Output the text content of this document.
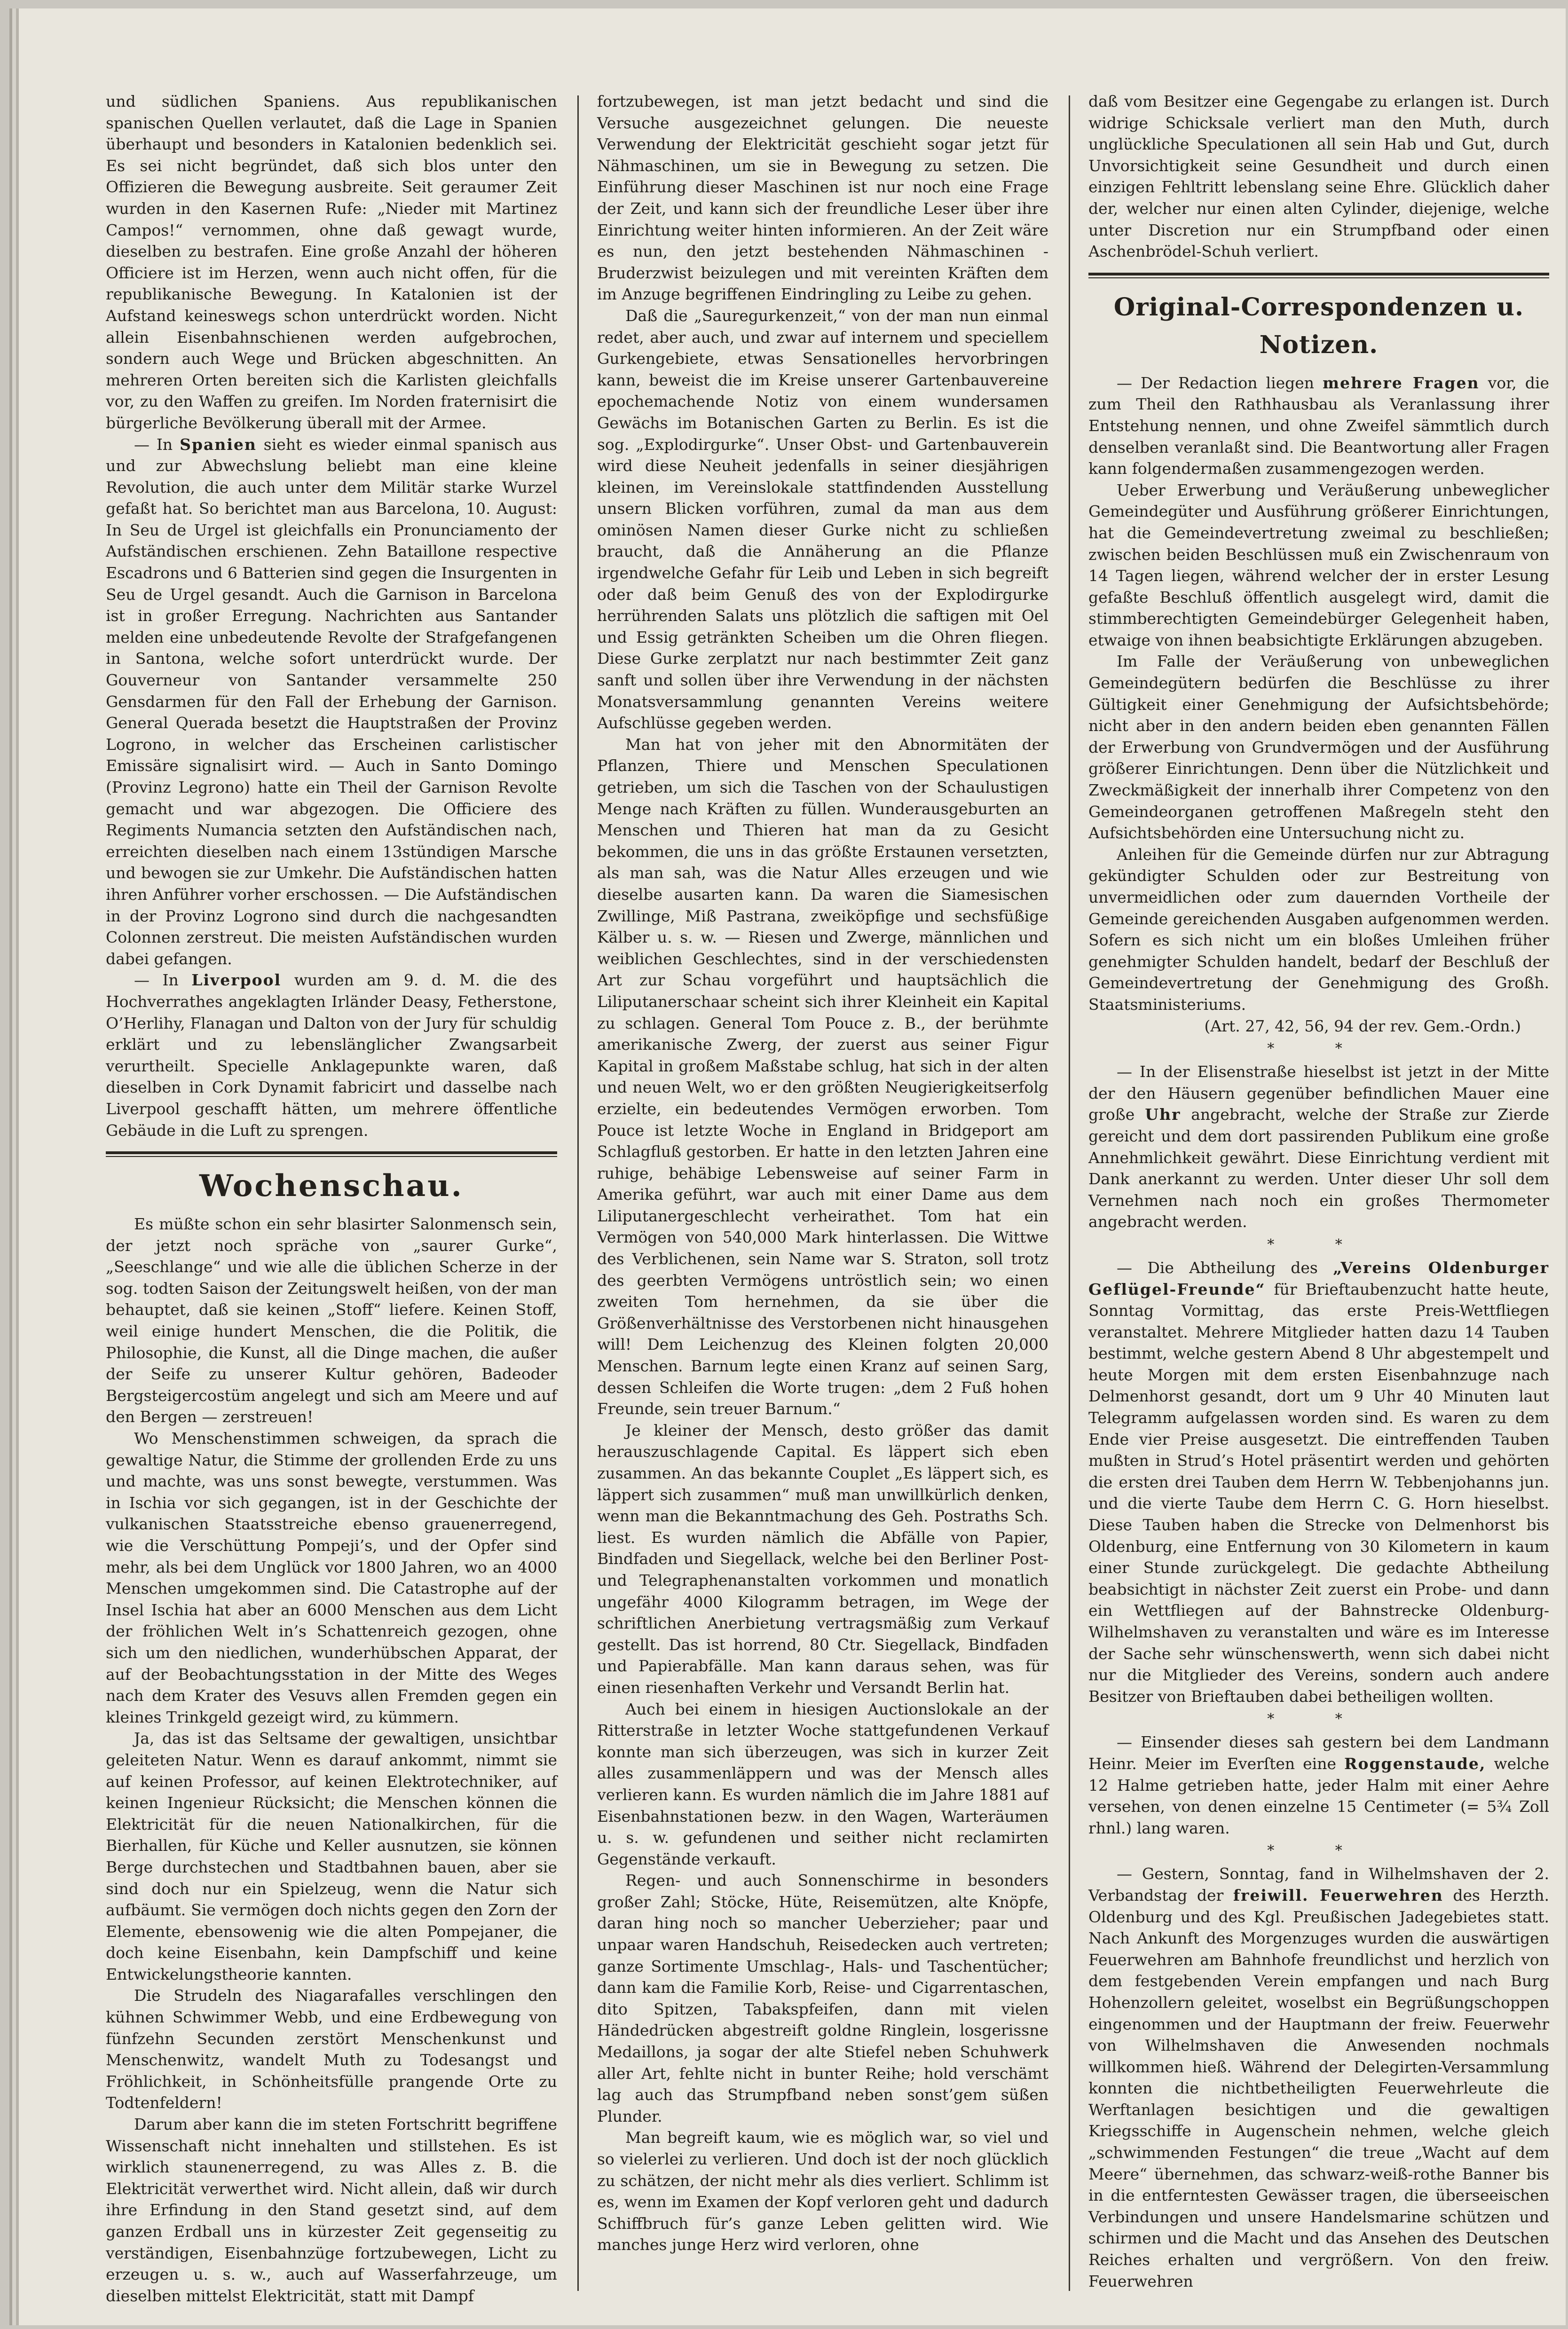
und südlichen Spaniens. Aus republikanischen spanischen Quellen verlautet, daß die Lage in Spanien überhaupt und besonders in Katalonien bedenklich sei. Es sei nicht begründet, daß sich blos unter den Offizieren die Bewegung ausbreite. Seit geraumer Zeit wurden in den Kasernen Rufe: „Nieder mit Martinez Campos!“ vernommen, ohne daß gewagt wurde, dieselben zu bestrafen. Eine große Anzahl der höheren Officiere ist im Herzen, wenn auch nicht offen, für die republikanische Bewegung. In Katalonien ist der Aufstand keineswegs schon unterdrückt worden. Nicht allein Eisenbahnschienen werden aufgebrochen, sondern auch Wege und Brücken abgeschnitten. An mehreren Orten bereiten sich die Karlisten gleichfalls vor, zu den Waffen zu greifen. Im Norden fraternisirt die bürgerliche Bevölkerung überall mit der Armee.

— In Spanien sieht es wieder einmal spanisch aus und zur Abwechslung beliebt man eine kleine Revolution, die auch unter dem Militär starke Wurzel gefaßt hat. So berichtet man aus Barcelona, 10. August: In Seu de Urgel ist gleichfalls ein Pronunciamento der Aufständischen erschienen. Zehn Bataillone respective Escadrons und 6 Batterien sind gegen die Insurgenten in Seu de Urgel gesandt. Auch die Garnison in Barcelona ist in großer Erregung. Nachrichten aus Santander melden eine unbedeutende Revolte der Strafgefangenen in Santona, welche sofort unterdrückt wurde. Der Gouverneur von Santander versammelte 250 Gensdarmen für den Fall der Erhebung der Garnison. General Querada besetzt die Hauptstraßen der Provinz Logrono, in welcher das Erscheinen carlistischer Emissäre signalisirt wird. — Auch in Santo Domingo (Provinz Legrono) hatte ein Theil der Garnison Revolte gemacht und war abgezogen. Die Officiere des Regiments Numancia setzten den Aufständischen nach, erreichten dieselben nach einem 13stündigen Marsche und bewogen sie zur Umkehr. Die Aufständischen hatten ihren Anführer vorher erschossen. — Die Aufständischen in der Provinz Logrono sind durch die nachgesandten Colonnen zerstreut. Die meisten Aufständischen wurden dabei gefangen.

— In Liverpool wurden am 9. d. M. die des Hochverrathes angeklagten Irländer Deasy, Fetherstone, O’Herlihy, Flanagan und Dalton von der Jury für schuldig erklärt und zu lebenslänglicher Zwangsarbeit verurtheilt. Specielle Anklagepunkte waren, daß dieselben in Cork Dynamit fabricirt und dasselbe nach Liverpool geschafft hätten, um mehrere öffentliche Gebäude in die Luft zu sprengen.

Wochenschau.

Es müßte schon ein sehr blasirter Salonmensch sein, der jetzt noch spräche von „saurer Gurke“, „Seeschlange“ und wie alle die üblichen Scherze in der sog. todten Saison der Zeitungswelt heißen, von der man behauptet, daß sie keinen „Stoff“ liefere. Keinen Stoff, weil einige hundert Menschen, die die Politik, die Philosophie, die Kunst, all die Dinge machen, die außer der Seife zu unserer Kultur gehören, Badeoder Bergsteigercostüm angelegt und sich am Meere und auf den Bergen — zerstreuen!

Wo Menschenstimmen schweigen, da sprach die gewaltige Natur, die Stimme der grollenden Erde zu uns und machte, was uns sonst bewegte, verstummen. Was in Ischia vor sich gegangen, ist in der Geschichte der vulkanischen Staatsstreiche ebenso grauenerregend, wie die Verschüttung Pompeji’s, und der Opfer sind mehr, als bei dem Unglück vor 1800 Jahren, wo an 4000 Menschen umgekommen sind. Die Catastrophe auf der Insel Ischia hat aber an 6000 Menschen aus dem Licht der fröhlichen Welt in’s Schattenreich gezogen, ohne sich um den niedlichen, wunderhübschen Apparat, der auf der Beobachtungsstation in der Mitte des Weges nach dem Krater des Vesuvs allen Fremden gegen ein kleines Trinkgeld gezeigt wird, zu kümmern.

Ja, das ist das Seltsame der gewaltigen, unsichtbar geleiteten Natur. Wenn es darauf ankommt, nimmt sie auf keinen Professor, auf keinen Elektrotechniker, auf keinen Ingenieur Rücksicht; die Menschen können die Elektricität für die neuen Nationalkirchen, für die Bierhallen, für Küche und Keller ausnutzen, sie können Berge durchstechen und Stadtbahnen bauen, aber sie sind doch nur ein Spielzeug, wenn die Natur sich aufbäumt. Sie vermögen doch nichts gegen den Zorn der Elemente, ebensowenig wie die alten Pompejaner, die doch keine Eisenbahn, kein Dampfschiff und keine Entwickelungstheorie kannten.

Die Strudeln des Niagarafalles verschlingen den kühnen Schwimmer Webb, und eine Erdbewegung von fünfzehn Secunden zerstört Menschenkunst und Menschenwitz, wandelt Muth zu Todesangst und Fröhlichkeit, in Schönheitsfülle prangende Orte zu Todtenfeldern!

Darum aber kann die im steten Fortschritt begriffene Wissenschaft nicht innehalten und stillstehen. Es ist wirklich staunenerregend, zu was Alles z. B. die Elektricität verwerthet wird. Nicht allein, daß wir durch ihre Erfindung in den Stand gesetzt sind, auf dem ganzen Erdball uns in kürzester Zeit gegenseitig zu verständigen, Eisenbahnzüge fortzubewegen, Licht zu erzeugen u. s. w., auch auf Wasserfahrzeuge, um dieselben mittelst Elektricität, statt mit Dampf

fortzubewegen, ist man jetzt bedacht und sind die Versuche ausgezeichnet gelungen. Die neueste Verwendung der Elektricität geschieht sogar jetzt für Nähmaschinen, um sie in Bewegung zu setzen. Die Einführung dieser Maschinen ist nur noch eine Frage der Zeit, und kann sich der freundliche Leser über ihre Einrichtung weiter hinten informieren. An der Zeit wäre es nun, den jetzt bestehenden Nähmaschinen - Bruderzwist beizulegen und mit vereinten Kräften dem im Anzuge begriffenen Eindringling zu Leibe zu gehen.

Daß die „Sauregurkenzeit,“ von der man nun einmal redet, aber auch, und zwar auf internem und speciellem Gurkengebiete, etwas Sensationelles hervorbringen kann, beweist die im Kreise unserer Gartenbauvereine epochemachende Notiz von einem wundersamen Gewächs im Botanischen Garten zu Berlin. Es ist die sog. „Explodirgurke“. Unser Obst- und Gartenbauverein wird diese Neuheit jedenfalls in seiner diesjährigen kleinen, im Vereinslokale stattfindenden Ausstellung unsern Blicken vorführen, zumal da man aus dem ominösen Namen dieser Gurke nicht zu schließen braucht, daß die Annäherung an die Pflanze irgendwelche Gefahr für Leib und Leben in sich begreift oder daß beim Genuß des von der Explodirgurke herrührenden Salats uns plötzlich die saftigen mit Oel und Essig getränkten Scheiben um die Ohren fliegen. Diese Gurke zerplatzt nur nach bestimmter Zeit ganz sanft und sollen über ihre Verwendung in der nächsten Monatsversammlung genannten Vereins weitere Aufschlüsse gegeben werden.

Man hat von jeher mit den Abnormitäten der Pflanzen, Thiere und Menschen Speculationen getrieben, um sich die Taschen von der Schaulustigen Menge nach Kräften zu füllen. Wunderausgeburten an Menschen und Thieren hat man da zu Gesicht bekommen, die uns in das größte Erstaunen versetzten, als man sah, was die Natur Alles erzeugen und wie dieselbe ausarten kann. Da waren die Siamesischen Zwillinge, Miß Pastrana, zweiköpfige und sechsfüßige Kälber u. s. w. — Riesen und Zwerge, männlichen und weiblichen Geschlechtes, sind in der verschiedensten Art zur Schau vorgeführt und hauptsächlich die Liliputanerschaar scheint sich ihrer Kleinheit ein Kapital zu schlagen. General Tom Pouce z. B., der berühmte amerikanische Zwerg, der zuerst aus seiner Figur Kapital in großem Maßstabe schlug, hat sich in der alten und neuen Welt, wo er den größten Neugierigkeitserfolg erzielte, ein bedeutendes Vermögen erworben. Tom Pouce ist letzte Woche in England in Bridgeport am Schlagfluß gestorben. Er hatte in den letzten Jahren eine ruhige, behäbige Lebensweise auf seiner Farm in Amerika geführt, war auch mit einer Dame aus dem Liliputanergeschlecht verheirathet. Tom hat ein Vermögen von 540,000 Mark hinterlassen. Die Wittwe des Verblichenen, sein Name war S. Straton, soll trotz des geerbten Vermögens untröstlich sein; wo einen zweiten Tom hernehmen, da sie über die Größenverhältnisse des Verstorbenen nicht hinausgehen will! Dem Leichenzug des Kleinen folgten 20,000 Menschen. Barnum legte einen Kranz auf seinen Sarg, dessen Schleifen die Worte trugen: „dem 2 Fuß hohen Freunde, sein treuer Barnum.“

Je kleiner der Mensch, desto größer das damit herauszuschlagende Capital. Es läppert sich eben zusammen. An das bekannte Couplet „Es läppert sich, es läppert sich zusammen“ muß man unwillkürlich denken, wenn man die Bekanntmachung des Geh. Postraths Sch. liest. Es wurden nämlich die Abfälle von Papier, Bindfaden und Siegellack, welche bei den Berliner Post- und Telegraphenanstalten vorkommen und monatlich ungefähr 4000 Kilogramm betragen, im Wege der schriftlichen Anerbietung vertragsmäßig zum Verkauf gestellt. Das ist horrend, 80 Ctr. Siegellack, Bindfaden und Papierabfälle. Man kann daraus sehen, was für einen riesenhaften Verkehr und Versandt Berlin hat.

Auch bei einem in hiesigen Auctionslokale an der Ritterstraße in letzter Woche stattgefundenen Verkauf konnte man sich überzeugen, was sich in kurzer Zeit alles zusammenläppern und was der Mensch alles verlieren kann. Es wurden nämlich die im Jahre 1881 auf Eisenbahnstationen bezw. in den Wagen, Warteräumen u. s. w. gefundenen und seither nicht reclamirten Gegenstände verkauft.

Regen- und auch Sonnenschirme in besonders großer Zahl; Stöcke, Hüte, Reisemützen, alte Knöpfe, daran hing noch so mancher Ueberzieher; paar und unpaar waren Handschuh, Reisedecken auch vertreten; ganze Sortimente Umschlag-, Hals- und Taschentücher; dann kam die Familie Korb, Reise- und Cigarrentaschen, dito Spitzen, Tabakspfeifen, dann mit vielen Händedrücken abgestreift goldne Ringlein, losgerissne Medaillons, ja sogar der alte Stiefel neben Schuhwerk aller Art, fehlte nicht in bunter Reihe; hold verschämt lag auch das Strumpfband neben sonst’gem süßen Plunder.

Man begreift kaum, wie es möglich war, so viel und so vielerlei zu verlieren. Und doch ist der noch glücklich zu schätzen, der nicht mehr als dies verliert. Schlimm ist es, wenn im Examen der Kopf verloren geht und dadurch Schiffbruch für’s ganze Leben gelitten wird. Wie manches junge Herz wird verloren, ohne

daß vom Besitzer eine Gegengabe zu erlangen ist. Durch widrige Schicksale verliert man den Muth, durch unglückliche Speculationen all sein Hab und Gut, durch Unvorsichtigkeit seine Gesundheit und durch einen einzigen Fehltritt lebenslang seine Ehre. Glücklich daher der, welcher nur einen alten Cylinder, diejenige, welche unter Discretion nur ein Strumpfband oder einen Aschenbrödel-Schuh verliert.

Original-Correspondenzen u. Notizen.

— Der Redaction liegen mehrere Fragen vor, die zum Theil den Rathhausbau als Veranlassung ihrer Entstehung nennen, und ohne Zweifel sämmtlich durch denselben veranlaßt sind. Die Beantwortung aller Fragen kann folgendermaßen zusammengezogen werden.

Ueber Erwerbung und Veräußerung unbeweglicher Gemeindegüter und Ausführung größerer Einrichtungen, hat die Gemeindevertretung zweimal zu beschließen; zwischen beiden Beschlüssen muß ein Zwischenraum von 14 Tagen liegen, während welcher der in erster Lesung gefaßte Beschluß öffentlich ausgelegt wird, damit die stimmberechtigten Gemeindebürger Gelegenheit haben, etwaige von ihnen beabsichtigte Erklärungen abzugeben.

Im Falle der Veräußerung von unbeweglichen Gemeindegütern bedürfen die Beschlüsse zu ihrer Gültigkeit einer Genehmigung der Aufsichtsbehörde; nicht aber in den andern beiden eben genannten Fällen der Erwerbung von Grundvermögen und der Ausführung größerer Einrichtungen. Denn über die Nützlichkeit und Zweckmäßigkeit der innerhalb ihrer Competenz von den Gemeindeorganen getroffenen Maßregeln steht den Aufsichtsbehörden eine Untersuchung nicht zu.

Anleihen für die Gemeinde dürfen nur zur Abtragung gekündigter Schulden oder zur Bestreitung von unvermeidlichen oder zum dauernden Vortheile der Gemeinde gereichenden Ausgaben aufgenommen werden. Sofern es sich nicht um ein bloßes Umleihen früher genehmigter Schulden handelt, bedarf der Beschluß der Gemeindevertretung der Genehmigung des Großh. Staatsministeriums.

(Art. 27, 42, 56, 94 der rev. Gem.-Ordn.)

* *

— In der Elisenstraße hieselbst ist jetzt in der Mitte der den Häusern gegenüber befindlichen Mauer eine große Uhr angebracht, welche der Straße zur Zierde gereicht und dem dort passirenden Publikum eine große Annehmlichkeit gewährt. Diese Einrichtung verdient mit Dank anerkannt zu werden. Unter dieser Uhr soll dem Vernehmen nach noch ein großes Thermometer angebracht werden.

* *

— Die Abtheilung des „Vereins Oldenburger Geflügel-Freunde“ für Brieftaubenzucht hatte heute, Sonntag Vormittag, das erste Preis-Wettfliegen veranstaltet. Mehrere Mitglieder hatten dazu 14 Tauben bestimmt, welche gestern Abend 8 Uhr abgestempelt und heute Morgen mit dem ersten Eisenbahnzuge nach Delmenhorst gesandt, dort um 9 Uhr 40 Minuten laut Telegramm aufgelassen worden sind. Es waren zu dem Ende vier Preise ausgesetzt. Die eintreffenden Tauben mußten in Strud’s Hotel präsentirt werden und gehörten die ersten drei Tauben dem Herrn W. Tebbenjohanns jun. und die vierte Taube dem Herrn C. G. Horn hieselbst. Diese Tauben haben die Strecke von Delmenhorst bis Oldenburg, eine Entfernung von 30 Kilometern in kaum einer Stunde zurückgelegt. Die gedachte Abtheilung beabsichtigt in nächster Zeit zuerst ein Probe- und dann ein Wettfliegen auf der Bahnstrecke Oldenburg-Wilhelmshaven zu veranstalten und wäre es im Interesse der Sache sehr wünschenswerth, wenn sich dabei nicht nur die Mitglieder des Vereins, sondern auch andere Besitzer von Brieftauben dabei betheiligen wollten.

* *

— Einsender dieses sah gestern bei dem Landmann Heinr. Meier im Everſten eine Roggenstaude, welche 12 Halme getrieben hatte, jeder Halm mit einer Aehre versehen, von denen einzelne 15 Centimeter (= 5¾ Zoll rhnl.) lang waren.

* *

— Gestern, Sonntag, fand in Wilhelmshaven der 2. Verbandstag der freiwill. Feuerwehren des Herzth. Oldenburg und des Kgl. Preußischen Jadegebietes statt. Nach Ankunft des Morgenzuges wurden die auswärtigen Feuerwehren am Bahnhofe freundlichst und herzlich von dem festgebenden Verein empfangen und nach Burg Hohenzollern geleitet, woselbst ein Begrüßungschoppen eingenommen und der Hauptmann der freiw. Feuerwehr von Wilhelmshaven die Anwesenden nochmals willkommen hieß. Während der Delegirten-Versammlung konnten die nichtbetheiligten Feuerwehrleute die Werftanlagen besichtigen und die gewaltigen Kriegsschiffe in Augenschein nehmen, welche gleich „schwimmenden Festungen“ die treue „Wacht auf dem Meere“ übernehmen, das schwarz-weiß-rothe Banner bis in die entferntesten Gewässer tragen, die überseeischen Verbindungen und unsere Handelsmarine schützen und schirmen und die Macht und das Ansehen des Deutschen Reiches erhalten und vergrößern. Von den freiw. Feuerwehren
